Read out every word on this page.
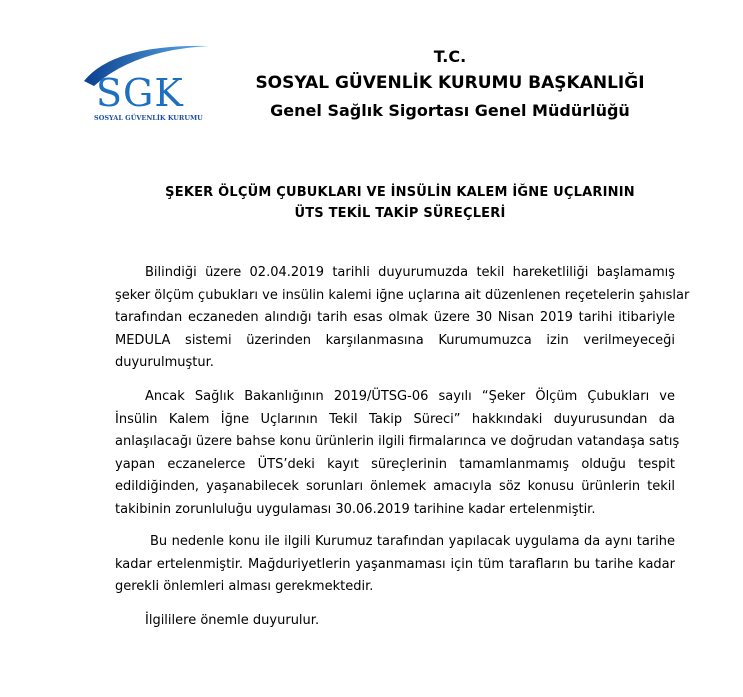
SGK
SOSYAL GÜVENLİK KURUMU
T.C.
SOSYAL GÜVENLİK KURUMU BAŞKANLIĞI
Genel Sağlık Sigortası Genel Müdürlüğü
ŞEKER ÖLÇÜM ÇUBUKLARI VE İNSÜLİN KALEM İĞNE UÇLARININ
ÜTS TEKİL TAKİP SÜREÇLERİ
Bilindiği üzere 02.04.2019 tarihli duyurumuzda tekil hareketliliği başlamamış
şeker ölçüm çubukları ve insülin kalemi iğne uçlarına ait düzenlenen reçetelerin şahıslar
tarafından eczaneden alındığı tarih esas olmak üzere 30 Nisan 2019 tarihi itibariyle
MEDULA sistemi üzerinden karşılanmasına Kurumumuzca izin verilmeyeceği
duyurulmuştur.
Ancak Sağlık Bakanlığının 2019/ÜTSG-06 sayılı “Şeker Ölçüm Çubukları ve
İnsülin Kalem İğne Uçlarının Tekil Takip Süreci” hakkındaki duyurusundan da
anlaşılacağı üzere bahse konu ürünlerin ilgili firmalarınca ve doğrudan vatandaşa satış
yapan eczanelerce ÜTS’deki kayıt süreçlerinin tamamlanmamış olduğu tespit
edildiğinden, yaşanabilecek sorunları önlemek amacıyla söz konusu ürünlerin tekil
takibinin zorunluluğu uygulaması 30.06.2019 tarihine kadar ertelenmiştir.
Bu nedenle konu ile ilgili Kurumuz tarafından yapılacak uygulama da aynı tarihe
kadar ertelenmiştir. Mağduriyetlerin yaşanmaması için tüm tarafların bu tarihe kadar
gerekli önlemleri alması gerekmektedir.
İlgililere önemle duyurulur.
